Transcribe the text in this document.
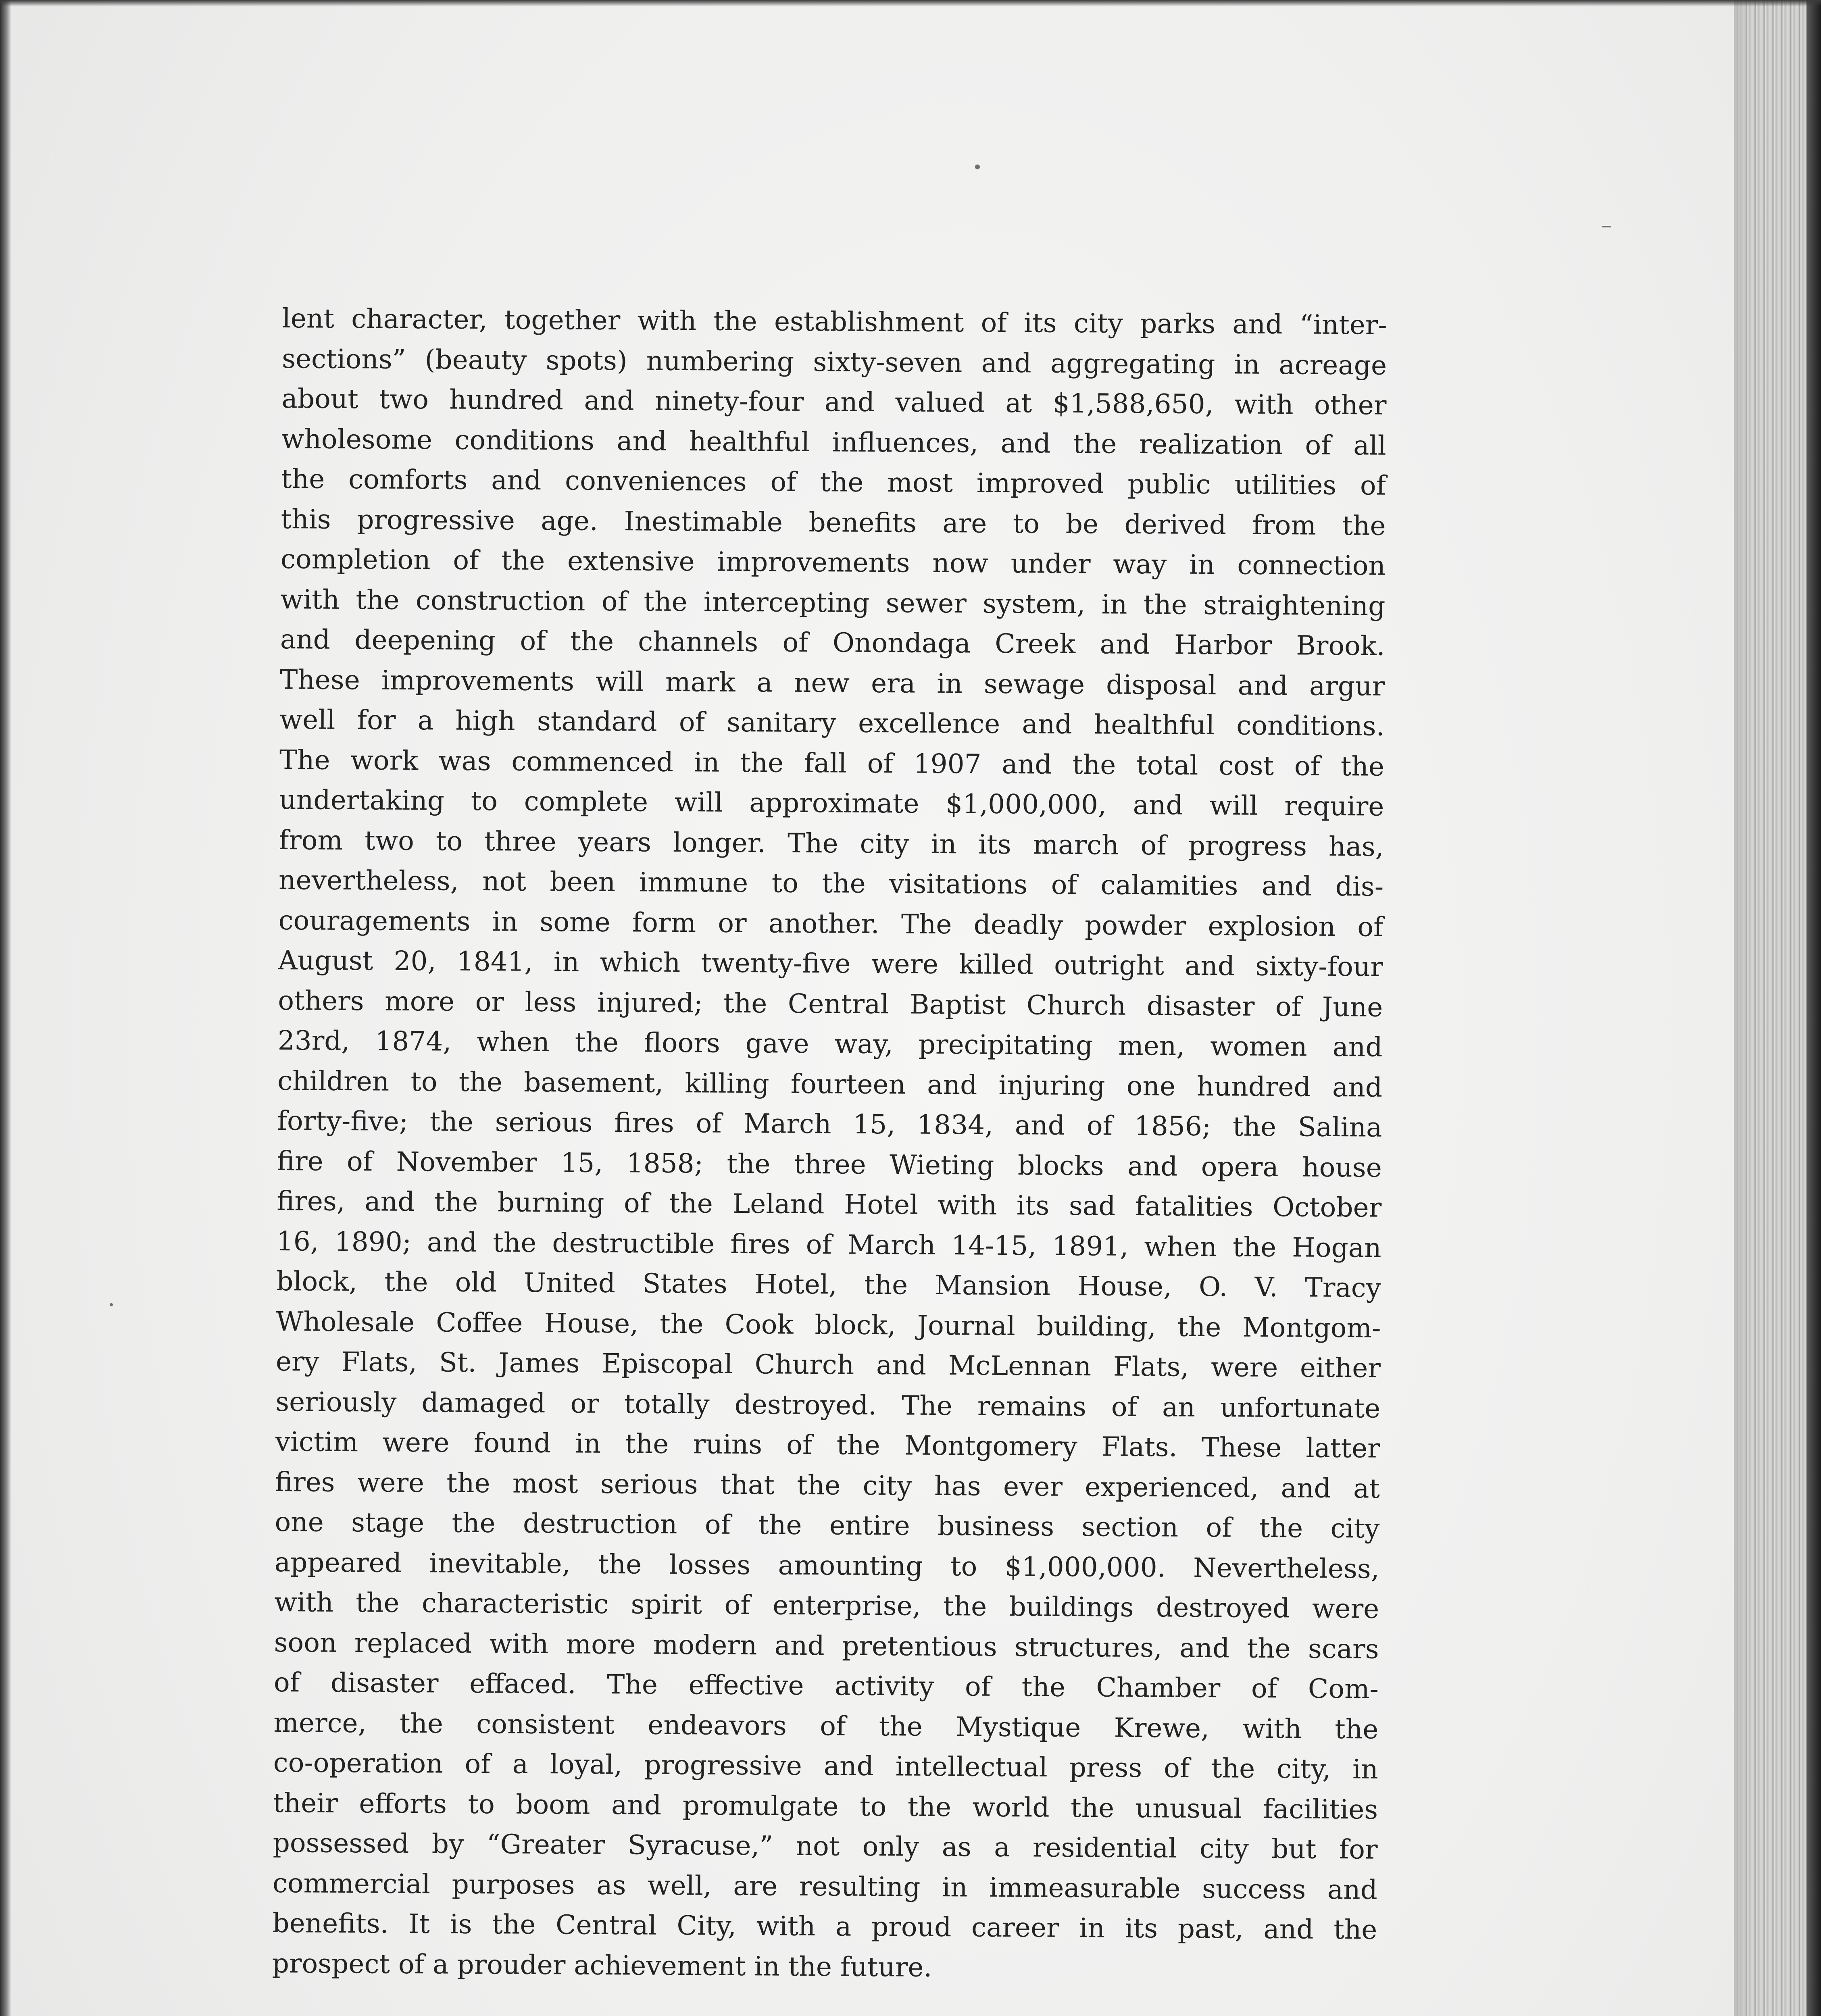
lent character, together with the establishment of its city parks and “inter-
sections” (beauty spots) numbering sixty-seven and aggregating in acreage
about two hundred and ninety-four and valued at $1,588,650, with other
wholesome conditions and healthful influences, and the realization of all
the comforts and conveniences of the most improved public utilities of
this progressive age. Inestimable benefits are to be derived from the
completion of the extensive improvements now under way in connection
with the construction of the intercepting sewer system, in the straightening
and deepening of the channels of Onondaga Creek and Harbor Brook.
These improvements will mark a new era in sewage disposal and argur
well for a high standard of sanitary excellence and healthful conditions.
The work was commenced in the fall of 1907 and the total cost of the
undertaking to complete will approximate $1,000,000, and will require
from two to three years longer. The city in its march of progress has,
nevertheless, not been immune to the visitations of calamities and dis-
couragements in some form or another. The deadly powder explosion of
August 20, 1841, in which twenty-five were killed outright and sixty-four
others more or less injured; the Central Baptist Church disaster of June
23rd, 1874, when the floors gave way, precipitating men, women and
children to the basement, killing fourteen and injuring one hundred and
forty-five; the serious fires of March 15, 1834, and of 1856; the Salina
fire of November 15, 1858; the three Wieting blocks and opera house
fires, and the burning of the Leland Hotel with its sad fatalities October
16, 1890; and the destructible fires of March 14-15, 1891, when the Hogan
block, the old United States Hotel, the Mansion House, O. V. Tracy
Wholesale Coffee House, the Cook block, Journal building, the Montgom-
ery Flats, St. James Episcopal Church and McLennan Flats, were either
seriously damaged or totally destroyed. The remains of an unfortunate
victim were found in the ruins of the Montgomery Flats. These latter
fires were the most serious that the city has ever experienced, and at
one stage the destruction of the entire business section of the city
appeared inevitable, the losses amounting to $1,000,000. Nevertheless,
with the characteristic spirit of enterprise, the buildings destroyed were
soon replaced with more modern and pretentious structures, and the scars
of disaster effaced. The effective activity of the Chamber of Com-
merce, the consistent endeavors of the Mystique Krewe, with the
co-operation of a loyal, progressive and intellectual press of the city, in
their efforts to boom and promulgate to the world the unusual facilities
possessed by “Greater Syracuse,” not only as a residential city but for
commercial purposes as well, are resulting in immeasurable success and
benefits. It is the Central City, with a proud career in its past, and the
prospect of a prouder achievement in the future.
